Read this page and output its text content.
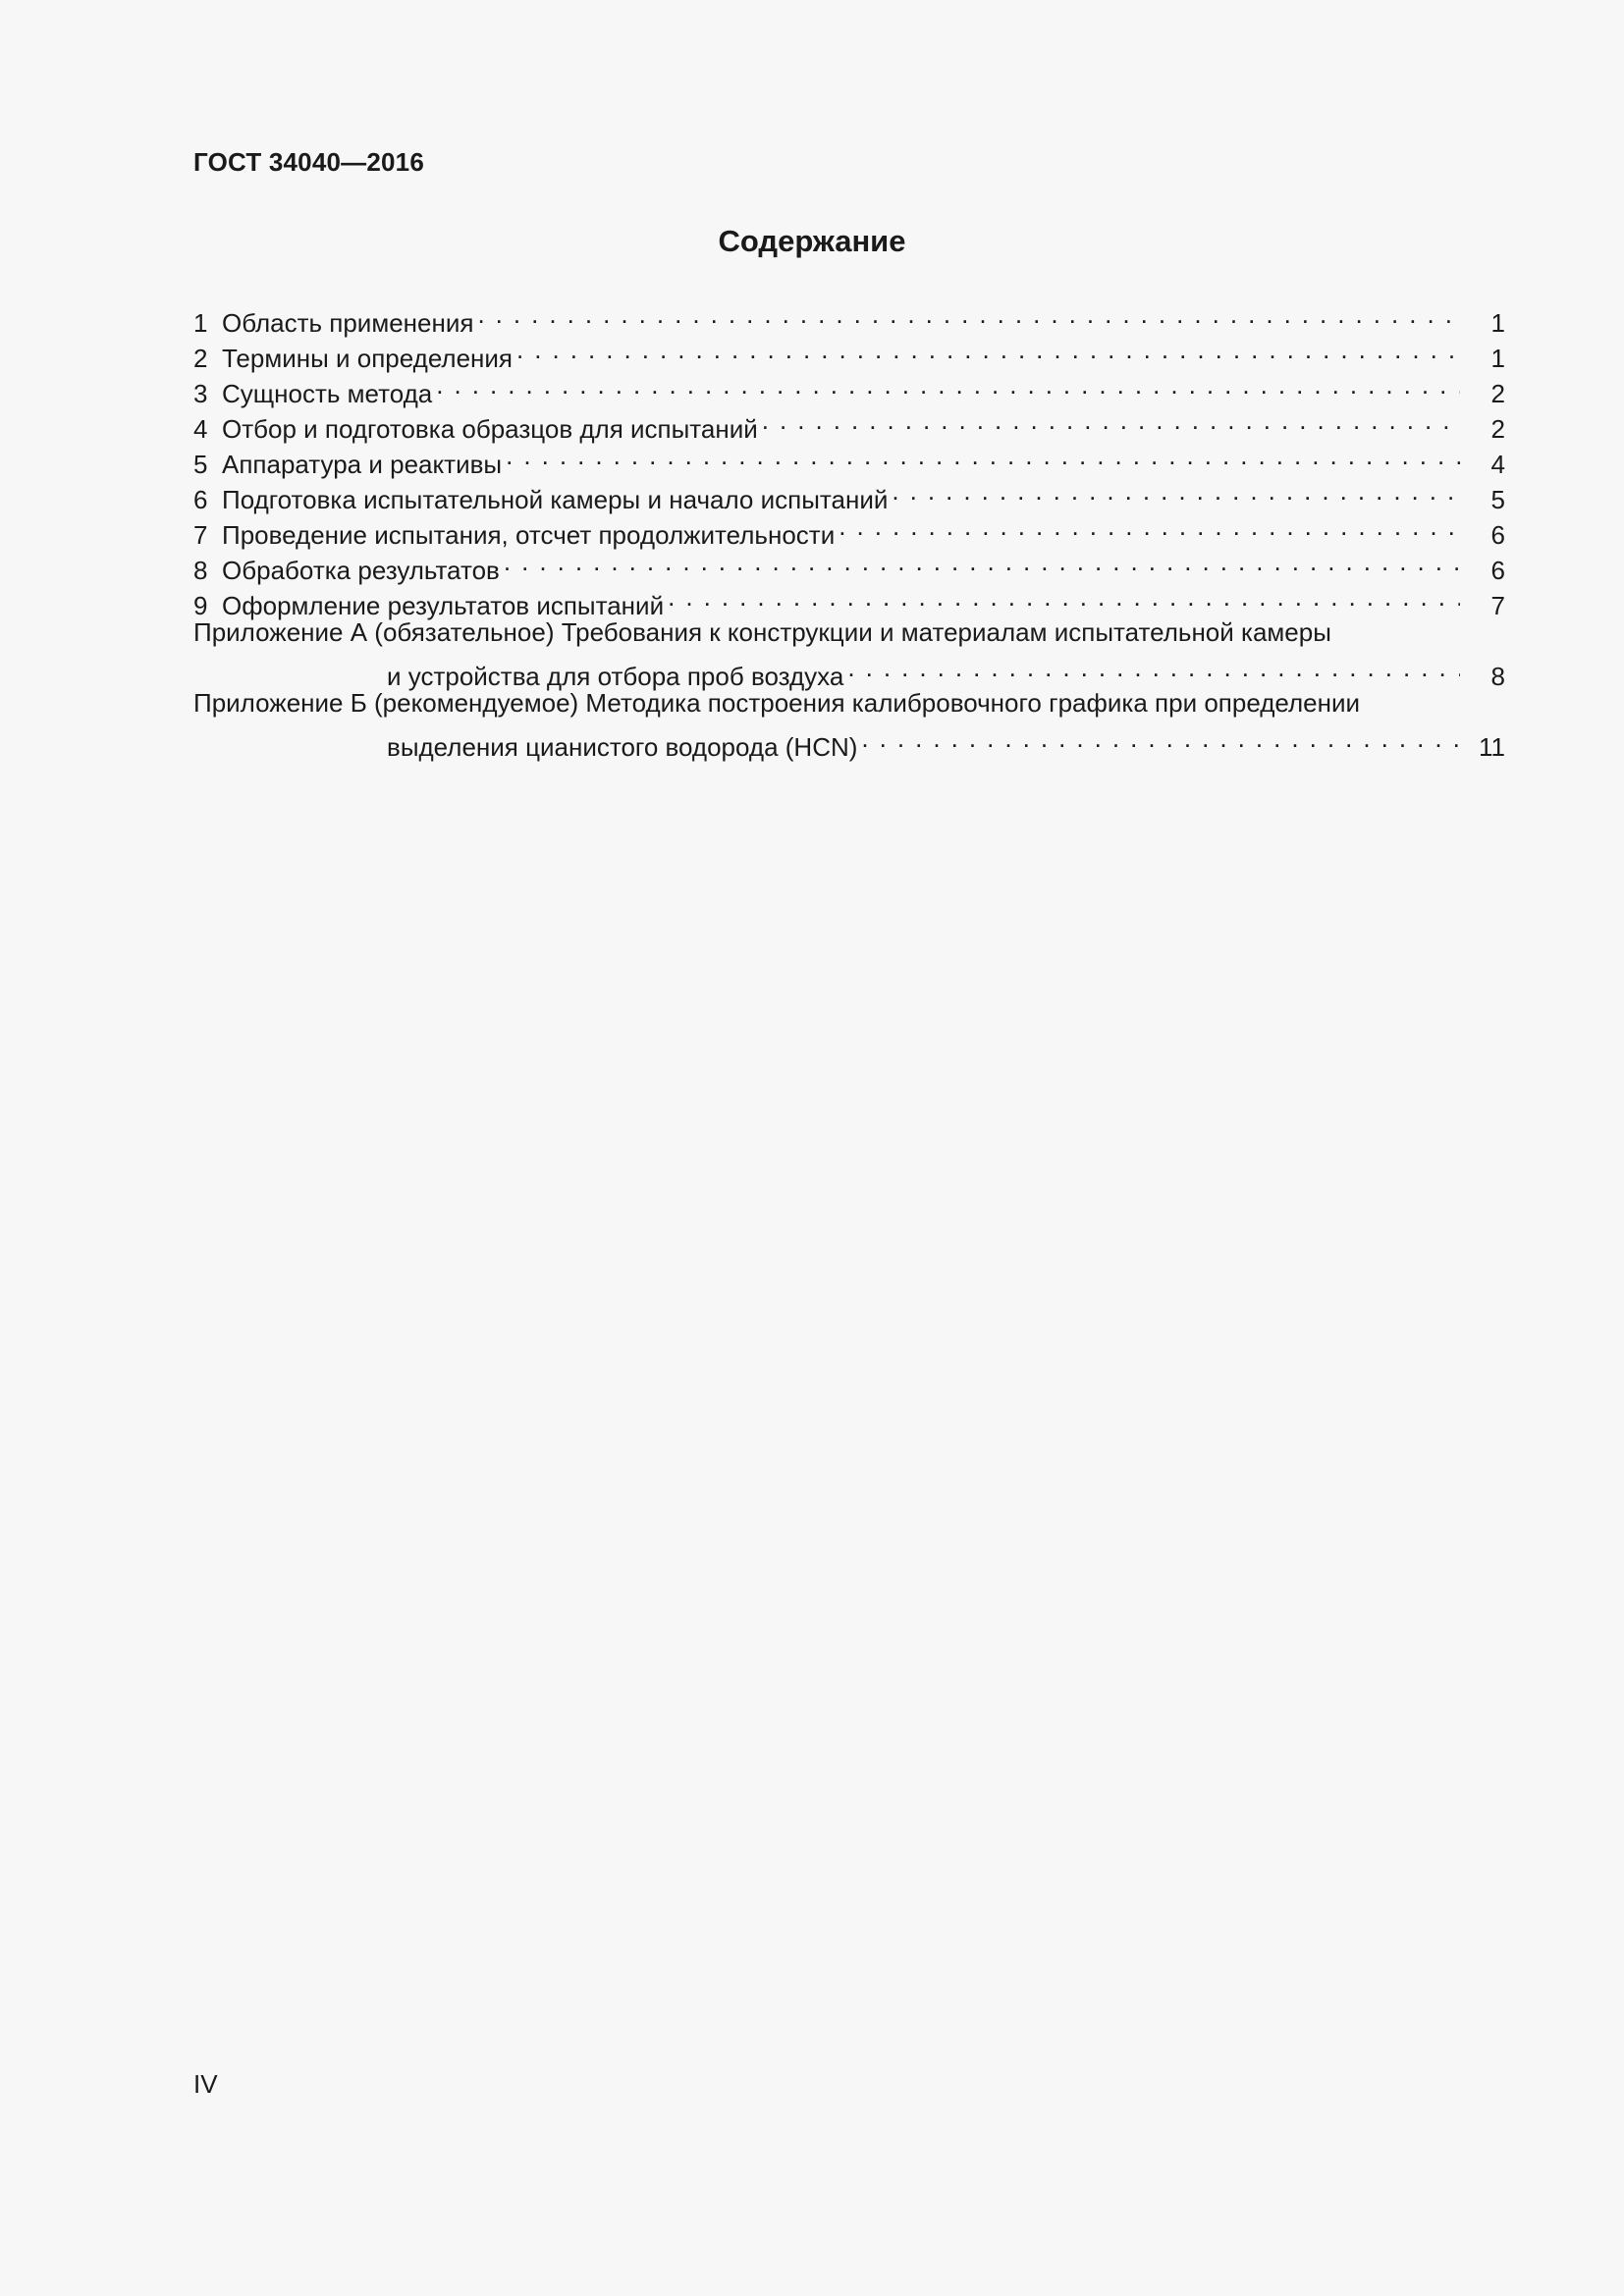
ГОСТ 34040—2016
Содержание
1 Область применения . . .	1
2 Термины и определения . . .	1
3 Сущность метода . . .	2
4 Отбор и подготовка образцов для испытаний . . .	2
5 Аппаратура и реактивы . . .	4
6 Подготовка испытательной камеры и начало испытаний . . .	5
7 Проведение испытания, отсчет продолжительности . . .	6
8 Обработка результатов . . .	6
9 Оформление результатов испытаний . . .	7
Приложение А (обязательное) Требования к конструкции и материалам испытательной камеры
и устройства для отбора проб воздуха . . .	8
Приложение Б (рекомендуемое) Методика построения калибровочного графика при определении
выделения цианистого водорода (HCN) . . .	11
IV
